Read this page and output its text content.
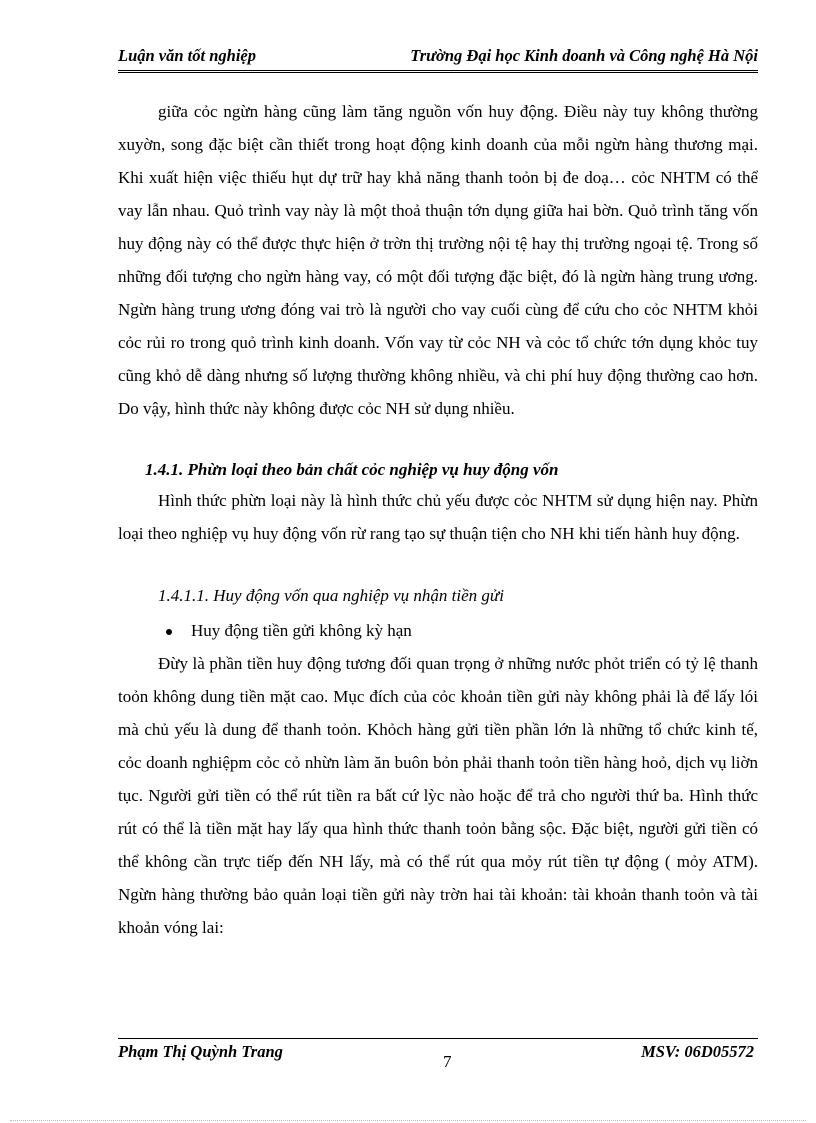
Luận văn tốt nghiệp	Trường Đại học Kinh doanh và Công nghệ Hà Nội
giữa cỏc ngừn hàng cũng làm tăng nguồn vốn huy động. Điều này tuy không thường xuyờn, song đặc biệt cần thiết trong hoạt động kinh doanh của mỗi ngừn hàng thương mại. Khi xuất hiện việc thiếu hụt dự trữ hay khả năng thanh toỏn bị đe doạ… cỏc NHTM có thể vay lẫn nhau. Quỏ trình vay này là một thoả thuận tớn dụng giữa hai bờn. Quỏ trình tăng vốn huy động này có thể được thực hiện ở trờn thị trường nội tệ hay thị trường ngoại tệ. Trong số những đối tượng cho ngừn hàng vay, có một đối tượng đặc biệt, đó là ngừn hàng trung ương. Ngừn hàng trung ương đóng vai trò là người cho vay cuối cùng để cứu cho cỏc NHTM khỏi cỏc rủi ro trong quỏ trình kinh doanh. Vốn vay từ cỏc NH và cỏc tổ chức tớn dụng khỏc tuy cũng khỏ dễ dàng nhưng số lượng thường không nhiều, và chi phí huy động thường cao hơn. Do vậy, hình thức này không được cỏc NH sử dụng nhiều.
1.4.1. Phừn loại theo bản chất cỏc nghiệp vụ huy động vốn
Hình thức phừn loại này là hình thức chủ yếu được cỏc NHTM sử dụng hiện nay. Phừn loại theo nghiệp vụ huy động vốn rừ rang tạo sự thuận tiện cho NH khi tiến hành huy động.
1.4.1.1. Huy động vốn qua nghiệp vụ nhận tiền gửi
Huy động tiền gửi không kỳ hạn
Đừy là phần tiền huy động tương đối quan trọng ở những nước phỏt triển có tỷ lệ thanh toỏn không dung tiền mặt cao. Mục đích của cỏc khoản tiền gửi này không phải là để lấy lói mà chủ yếu là dung để thanh toỏn. Khỏch hàng gửi tiền phần lớn là những tổ chức kinh tế, cỏc doanh nghiệpm cỏc cỏ nhừn làm ăn buôn bỏn phải thanh toỏn tiền hàng hoỏ, dịch vụ liờn tục. Người gửi tiền có thể rút tiền ra bất cứ lỳc nào hoặc để trả cho người thứ ba. Hình thức rút có thể là tiền mặt hay lấy qua hình thức thanh toỏn bằng sộc. Đặc biệt, người gửi tiền có thể không cần trực tiếp đến NH lấy, mà có thể rút qua mỏy rút tiền tự động ( mỏy ATM). Ngừn hàng thường bảo quản loại tiền gửi này trờn hai tài khoản: tài khoản thanh toỏn và tài khoản vóng lai:
Phạm Thị Quỳnh Trang
7
MSV: 06D05572
